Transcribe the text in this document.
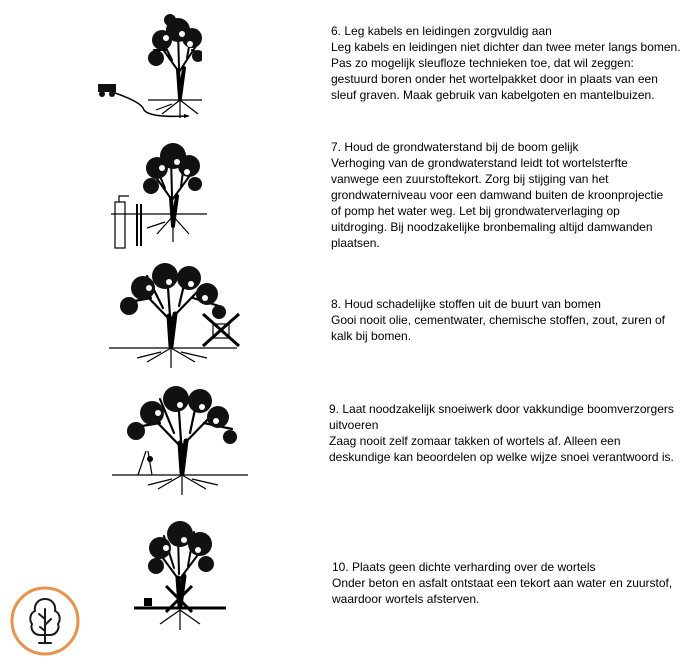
6. Leg kabels en leidingen zorgvuldig aan
Leg kabels en leidingen niet dichter dan twee meter langs bomen. Pas zo mogelijk sleufloze technieken toe, dat wil zeggen: gestuurd boren onder het wortelpakket door in plaats van een sleuf graven. Maak gebruik van kabelgoten en mantelbuizen.
7. Houd de grondwaterstand bij de boom gelijk
Verhoging van de grondwaterstand leidt tot wortelsterfte vanwege een zuurstoftekort. Zorg bij stijging van het grondwaterniveau voor een damwand buiten de kroonprojectie of pomp het water weg. Let bij grondwaterverlaging op uitdroging. Bij noodzakelijke bronbemaling altijd damwanden plaatsen.
8. Houd schadelijke stoffen uit de buurt van bomen
Gooi nooit olie, cementwater, chemische stoffen, zout, zuren of kalk bij bomen.
9. Laat noodzakelijk snoeiwerk door vakkundige boomverzorgers uitvoeren
Zaag nooit zelf zomaar takken of wortels af. Alleen een deskundige kan beoordelen op welke wijze snoei verantwoord is.
10. Plaats geen dichte verharding over de wortels
Onder beton en asfalt ontstaat een tekort aan water en zuurstof, waardoor wortels afsterven.
